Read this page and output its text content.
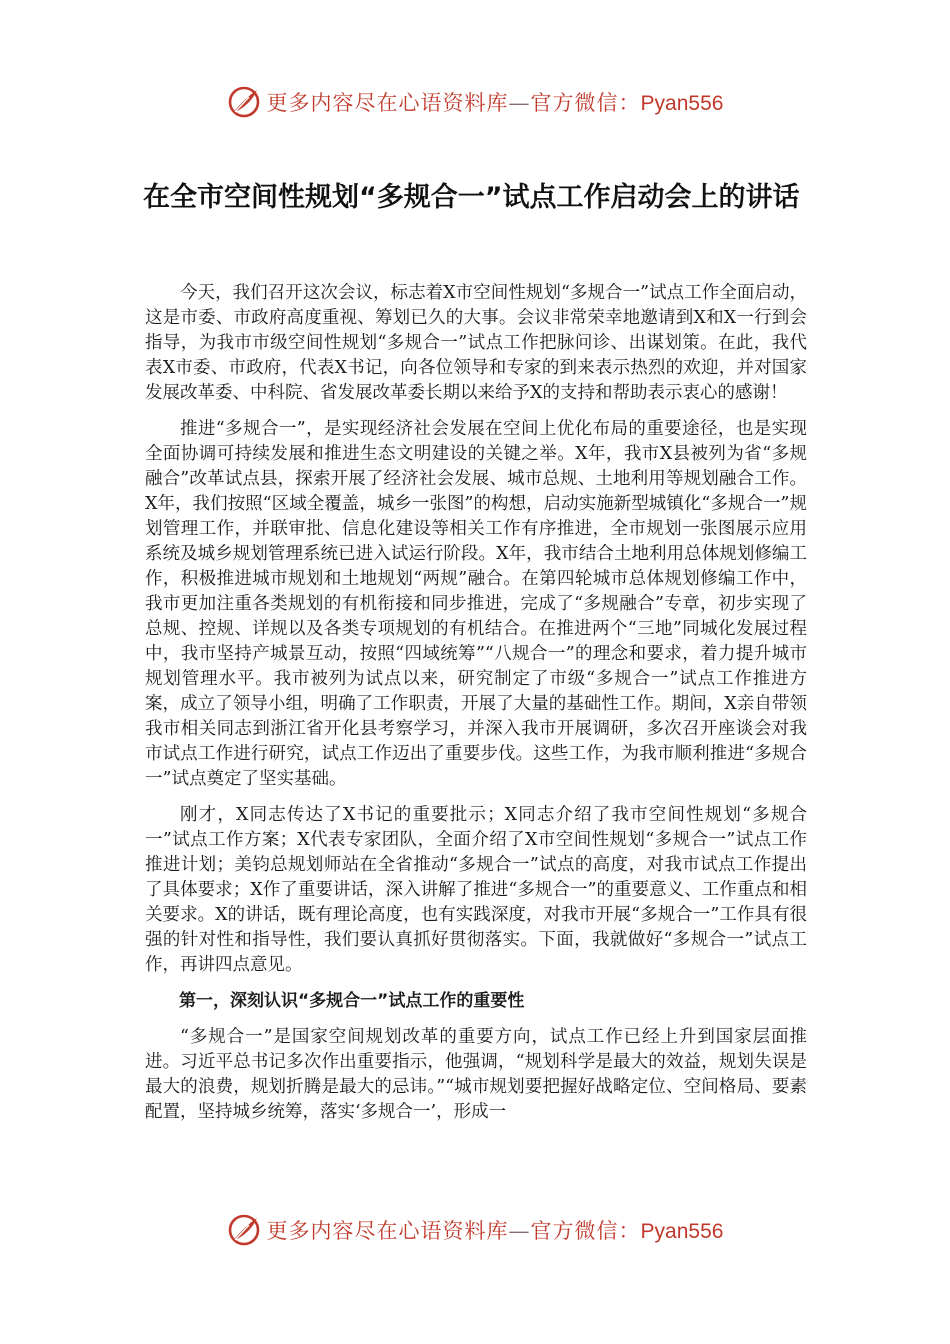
更多内容尽在心语资料库—官方微信：Pyan556
在全市空间性规划“多规合一”试点工作启动会上的讲话

今天，我们召开这次会议，标志着X市空间性规划“多规合一”试点工作全面启动，这是市委、市政府高度重视、筹划已久的大事。会议非常荣幸地邀请到X和X一行到会指导，为我市市级空间性规划“多规合一”试点工作把脉问诊、出谋划策。在此，我代表X市委、市政府，代表X书记，向各位领导和专家的到来表示热烈的欢迎，并对国家发展改革委、中科院、省发展改革委长期以来给予X的支持和帮助表示衷心的感谢！

推进“多规合一”，是实现经济社会发展在空间上优化布局的重要途径，也是实现全面协调可持续发展和推进生态文明建设的关键之举。X年，我市X县被列为省“多规融合”改革试点县，探索开展了经济社会发展、城市总规、土地利用等规划融合工作。X年，我们按照“区域全覆盖，城乡一张图”的构想，启动实施新型城镇化“多规合一”规划管理工作，并联审批、信息化建设等相关工作有序推进，全市规划一张图展示应用系统及城乡规划管理系统已进入试运行阶段。X年，我市结合土地利用总体规划修编工作，积极推进城市规划和土地规划“两规”融合。在第四轮城市总体规划修编工作中，我市更加注重各类规划的有机衔接和同步推进，完成了“多规融合”专章，初步实现了总规、控规、详规以及各类专项规划的有机结合。在推进两个“三地”同城化发展过程中，我市坚持产城景互动，按照“四域统筹”“八规合一”的理念和要求，着力提升城市规划管理水平。我市被列为试点以来，研究制定了市级“多规合一”试点工作推进方案，成立了领导小组，明确了工作职责，开展了大量的基础性工作。期间，X亲自带领我市相关同志到浙江省开化县考察学习，并深入我市开展调研，多次召开座谈会对我市试点工作进行研究，试点工作迈出了重要步伐。这些工作，为我市顺利推进“多规合一”试点奠定了坚实基础。

刚才，X同志传达了X书记的重要批示；X同志介绍了我市空间性规划“多规合一”试点工作方案；X代表专家团队，全面介绍了X市空间性规划“多规合一”试点工作推进计划；美钧总规划师站在全省推动“多规合一”试点的高度，对我市试点工作提出了具体要求；X作了重要讲话，深入讲解了推进“多规合一”的重要意义、工作重点和相关要求。X的讲话，既有理论高度，也有实践深度，对我市开展“多规合一”工作具有很强的针对性和指导性，我们要认真抓好贯彻落实。下面，我就做好“多规合一”试点工作，再讲四点意见。

第一，深刻认识“多规合一”试点工作的重要性

“多规合一”是国家空间规划改革的重要方向，试点工作已经上升到国家层面推进。习近平总书记多次作出重要指示，他强调，“规划科学是最大的效益，规划失误是最大的浪费，规划折腾是最大的忌讳。”“城市规划要把握好战略定位、空间格局、要素配置，坚持城乡统筹，落实‘多规合一’，形成一

更多内容尽在心语资料库—官方微信：Pyan556
